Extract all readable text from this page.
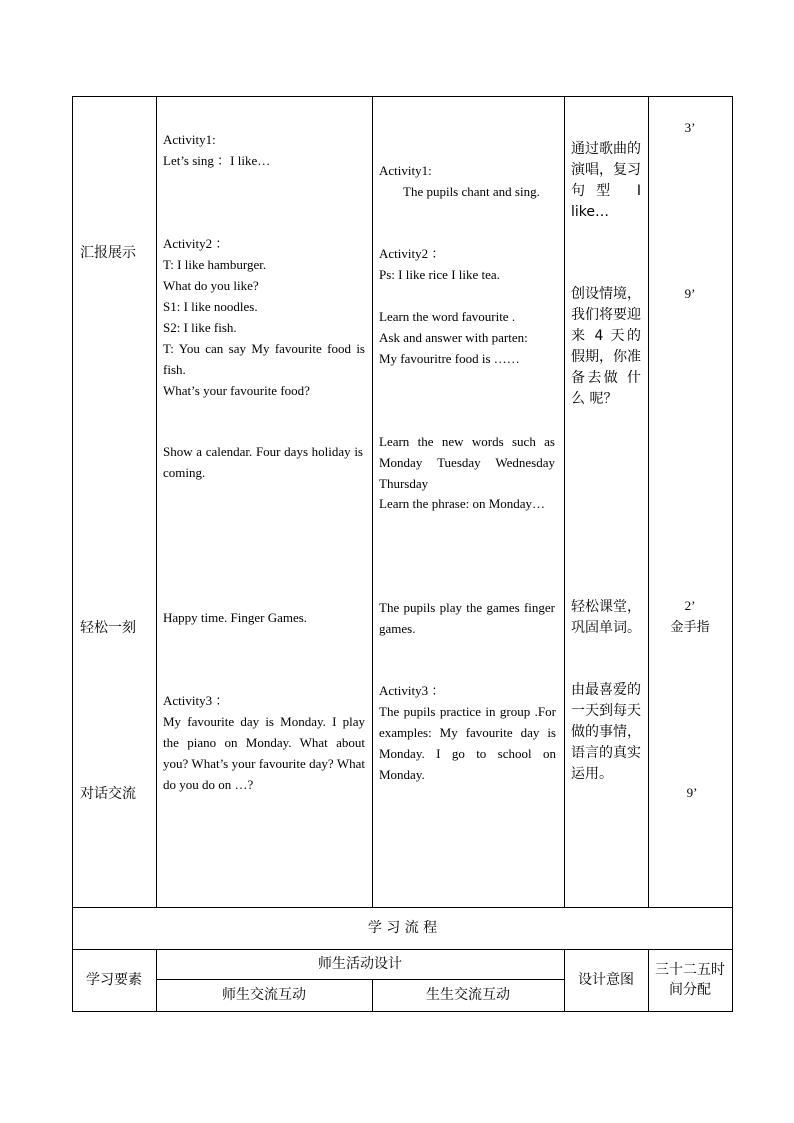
汇报展示
轻松一刻
对话交流

Activity1:

Let’s sing ：I like…

Activity2 ：

T: I like hamburger.

What do you like?

S1: I like noodles.

S2: I like fish.

T: You can say My favourite food is fish.

What’s your favourite food?

Show a calendar. Four days holiday is coming.
Happy time. Finger Games.

Activity3 ：

My favourite day is Monday. I play the piano on Monday. What about you? What’s your favourite day? What do you do on …?

Activity1:

The pupils chant and sing.

Activity2 ：

Ps: I like rice I like tea.

Learn the word favourite .

Ask and answer with parten:

My favouritre food is ……

Learn the new words such as Monday Tuesday Wednesday Thursday
Learn the phrase: on Monday…
The pupils play the games finger games.

Activity3 ：

The pupils practice in group .For examples: My favourite day is Monday. I go to school on Monday.

通过歌曲的演唱，复习句型 I like…
创设情境，我们将要迎来 4 天的假期，你准备去做 什 么 呢？
轻松课堂，巩固单词。
由最喜爱的一天到每天做的事情，语言的真实运用。
3’
9’
2’
金手指
9’
学 习 流 程
学习要素
师生活动设计
师生交流互动	生生交流互动
设计意图
三十二五时间分配
